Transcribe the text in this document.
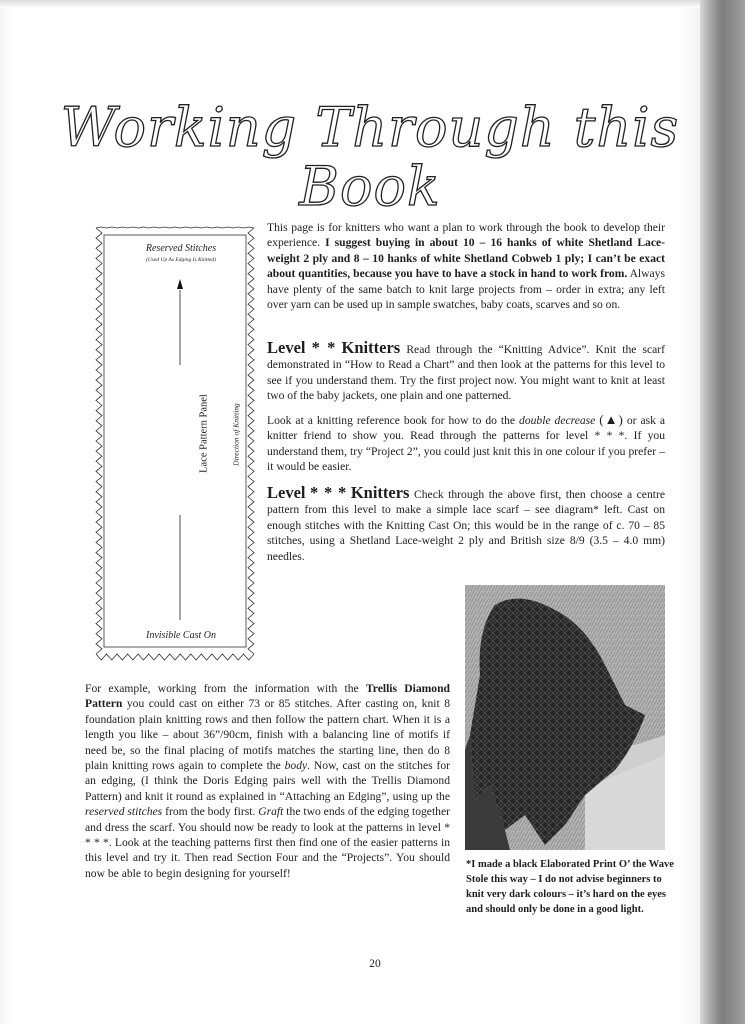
Working Through this Book
Reserved Stitches
(Used Up As Edging Is Knitted)
Lace Pattern Panel	Direction of Knitting
Invisible Cast On
This page is for knitters who want a plan to work through the book to develop their experience. I suggest buying in about 10 – 16 hanks of white Shetland Lace-weight 2 ply and 8 – 10 hanks of white Shetland Cobweb 1 ply; I can’t be exact about quantities, because you have to have a stock in hand to work from. Always have plenty of the same batch to knit large projects from – order in extra; any left over yarn can be used up in sample swatches, baby coats, scarves and so on.
Level * * Knitters Read through the “Knitting Advice”. Knit the scarf demonstrated in “How to Read a Chart” and then look at the patterns for this level to see if you understand them. Try the first project now. You might want to knit at least two of the baby jackets, one plain and one patterned.
Look at a knitting reference book for how to do the double decrease (▲) or ask a knitter friend to show you. Read through the patterns for level * * *. If you understand them, try “Project 2”, you could just knit this in one colour if you prefer – it would be easier.
Level * * * Knitters Check through the above first, then choose a centre pattern from this level to make a simple lace scarf – see diagram* left. Cast on enough stitches with the Knitting Cast On; this would be in the range of c. 70 – 85 stitches, using a Shetland Lace-weight 2 ply and British size 8/9 (3.5 – 4.0 mm) needles.
For example, working from the information with the Trellis Diamond Pattern you could cast on either 73 or 85 stitches. After casting on, knit 8 foundation plain knitting rows and then follow the pattern chart. When it is a length you like – about 36”/90cm, finish with a balancing line of motifs if need be, so the final placing of motifs matches the starting line, then do 8 plain knitting rows again to complete the body. Now, cast on the stitches for an edging, (I think the Doris Edging pairs well with the Trellis Diamond Pattern) and knit it round as explained in “Attaching an Edging”, using up the reserved stitches from the body first. Graft the two ends of the edging together and dress the scarf. You should now be ready to look at the patterns in level * * * *. Look at the teaching patterns first then find one of the easier patterns in this level and try it. Then read Section Four and the “Projects”. You should now be able to begin designing for yourself!
*I made a black Elaborated Print O’ the Wave Stole this way – I do not advise beginners to knit very dark colours – it’s hard on the eyes and should only be done in a good light.
20
